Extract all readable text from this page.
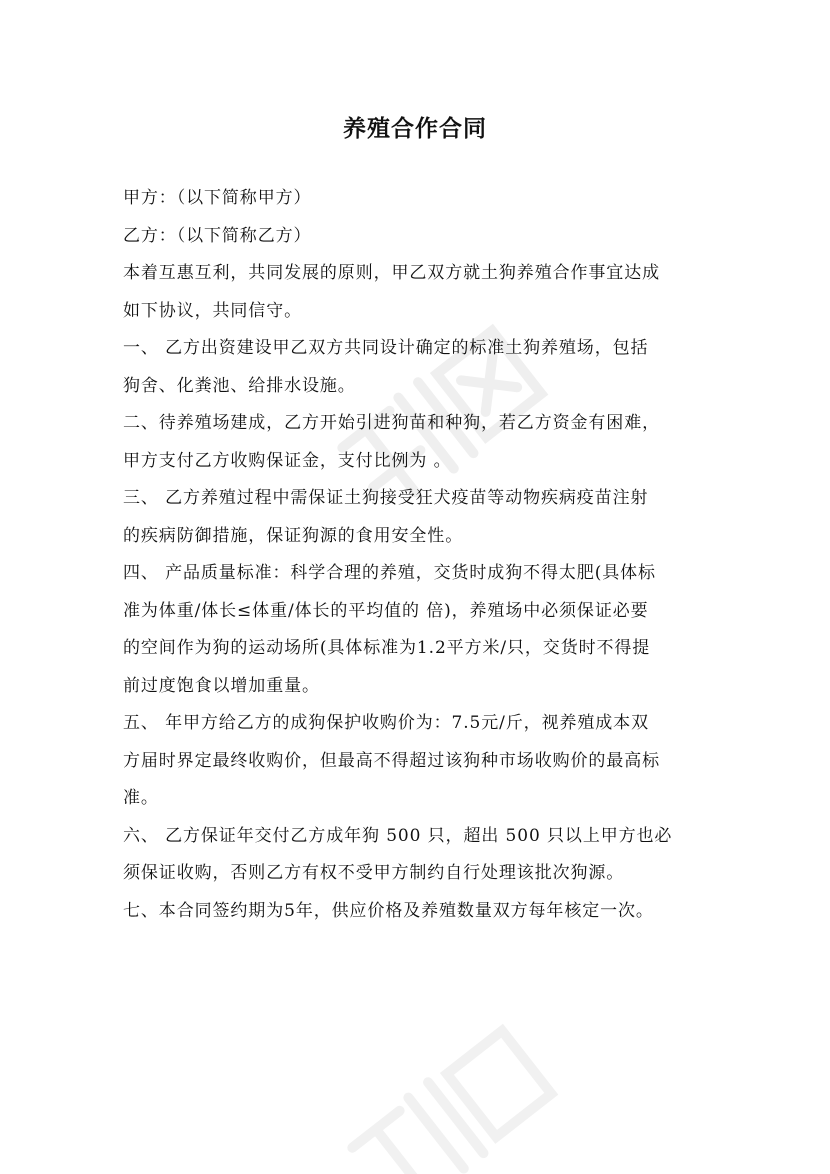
养殖合作合同

甲方：（以下简称甲方）

乙方：（以下简称乙方）

本着互惠互利，共同发展的原则，甲乙双方就土狗养殖合作事宜达成
如下协议，共同信守。

一、 乙方出资建设甲乙双方共同设计确定的标准土狗养殖场，包括
狗舍、化粪池、给排水设施。

二、待养殖场建成，乙方开始引进狗苗和种狗，若乙方资金有困难，
甲方支付乙方收购保证金，支付比例为 。

三、 乙方养殖过程中需保证土狗接受狂犬疫苗等动物疾病疫苗注射
的疾病防御措施，保证狗源的食用安全性。

四、 产品质量标准：科学合理的养殖，交货时成狗不得太肥(具体标
准为体重/体长≤体重/体长的平均值的 倍)，养殖场中必须保证必要
的空间作为狗的运动场所(具体标准为1.2平方米/只，交货时不得提
前过度饱食以增加重量。

五、 年甲方给乙方的成狗保护收购价为：7.5元/斤，视养殖成本双
方届时界定最终收购价，但最高不得超过该狗种市场收购价的最高标
准。

六、 乙方保证年交付乙方成年狗 500 只，超出 500 只以上甲方也必
须保证收购，否则乙方有权不受甲方制约自行处理该批次狗源。

七、本合同签约期为5年，供应价格及养殖数量双方每年核定一次。
